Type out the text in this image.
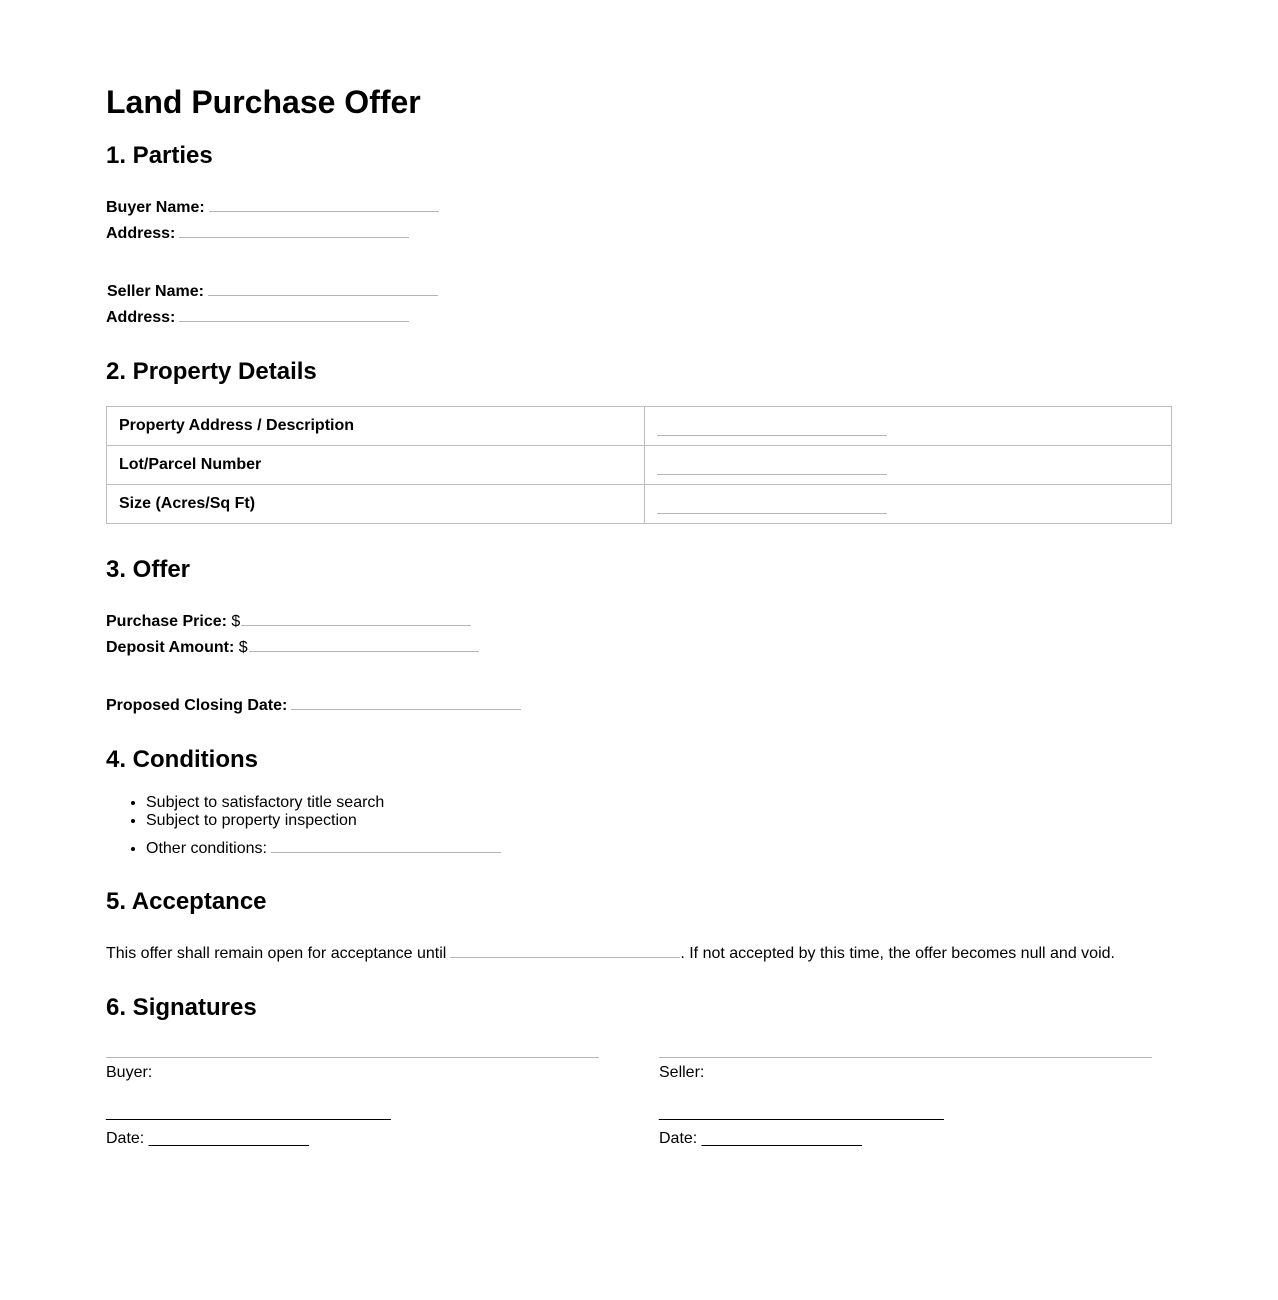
Land Purchase Offer
1. Parties
Buyer Name:
Address:
Seller Name:
Address:
2. Property Details
Property Address / Description	

Lot/Parcel Number	

Size (Acres/Sq Ft)	
3. Offer
Purchase Price: $
Deposit Amount: $
Proposed Closing Date:
4. Conditions
• Subject to satisfactory title search
• Subject to property inspection
• Other conditions:
5. Acceptance
This offer shall remain open for acceptance until	. If not accepted by this time, the offer becomes null and void.
6. Signatures
Buyer:
________________________________
Date: __________________
Seller:
________________________________
Date: __________________
